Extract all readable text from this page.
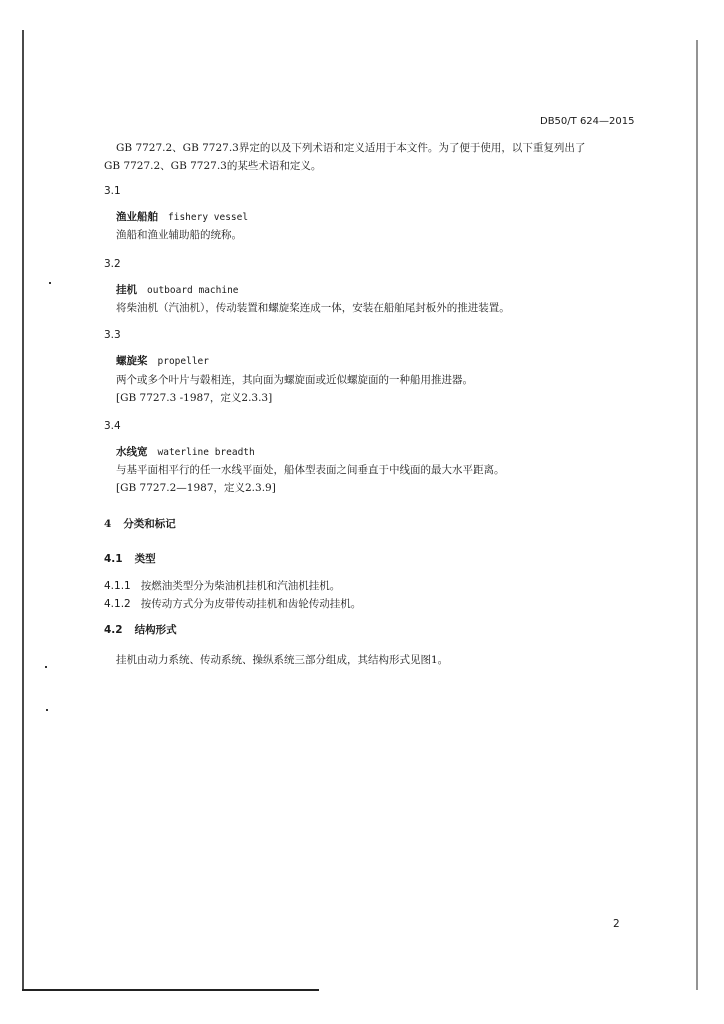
DB50/T 624—2015
GB 7727.2、GB 7727.3界定的以及下列术语和定义适用于本文件。为了便于使用，以下重复列出了
GB 7727.2、GB 7727.3的某些术语和定义。
3.1
渔业船舶 fishery vessel
渔船和渔业辅助船的统称。
3.2
挂机 outboard machine
将柴油机（汽油机），传动装置和螺旋桨连成一体，安装在船舶尾封板外的推进装置。
3.3
螺旋桨 propeller
两个或多个叶片与毂相连，其向面为螺旋面或近似螺旋面的一种船用推进器。
[GB 7727.3 -1987，定义2.3.3]
3.4
水线宽 waterline breadth
与基平面相平行的任一水线平面处，船体型表面之间垂直于中线面的最大水平距离。
[GB 7727.2—1987，定义2.3.9]
4 分类和标记
4.1 类型
4.1.1 按燃油类型分为柴油机挂机和汽油机挂机。
4.1.2 按传动方式分为皮带传动挂机和齿轮传动挂机。
4.2 结构形式
挂机由动力系统、传动系统、操纵系统三部分组成，其结构形式见图1。
2
